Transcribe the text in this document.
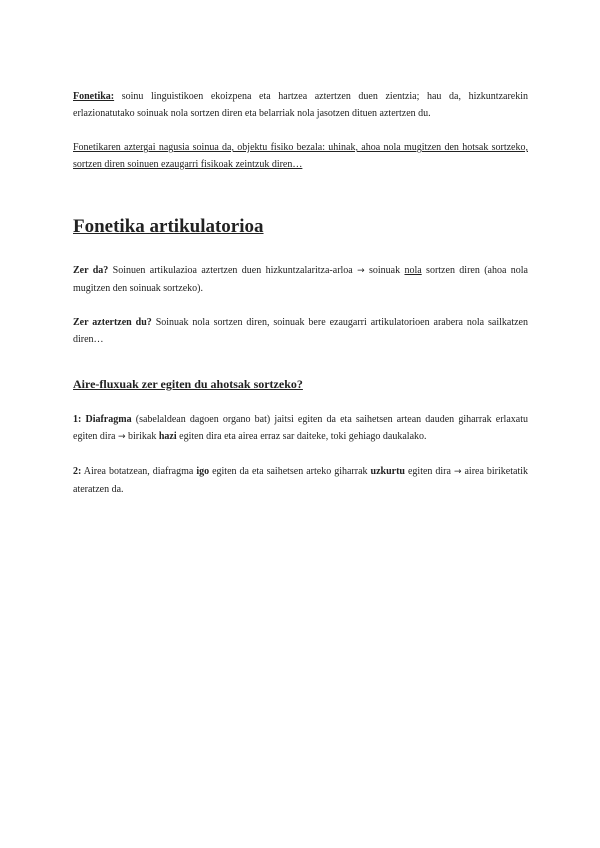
Fonetika: soinu linguistikoen ekoizpena eta hartzea aztertzen duen zientzia; hau da, hizkuntzarekin erlazionatutako soinuak nola sortzen diren eta belarriak nola jasotzen dituen aztertzen du.

Fonetikaren aztergai nagusia soinua da, objektu fisiko bezala: uhinak, ahoa nola mugitzen den hotsak sortzeko, sortzen diren soinuen ezaugarri fisikoak zeintzuk diren…

Fonetika artikulatorioa

Zer da? Soinuen artikulazioa aztertzen duen hizkuntzalaritza-arloa → soinuak nola sortzen diren (ahoa nola mugitzen den soinuak sortzeko).

Zer aztertzen du? Soinuak nola sortzen diren, soinuak bere ezaugarri artikulatorioen arabera nola sailkatzen diren…

Aire-fluxuak zer egiten du ahotsak sortzeko?

1: Diafragma (sabelaldean dagoen organo bat) jaitsi egiten da eta saihetsen artean dauden giharrak erlaxatu egiten dira → birikak hazi egiten dira eta airea erraz sar daiteke, toki gehiago daukalako.

2: Airea botatzean, diafragma igo egiten da eta saihetsen arteko giharrak uzkurtu egiten dira → airea biriketatik ateratzen da.
